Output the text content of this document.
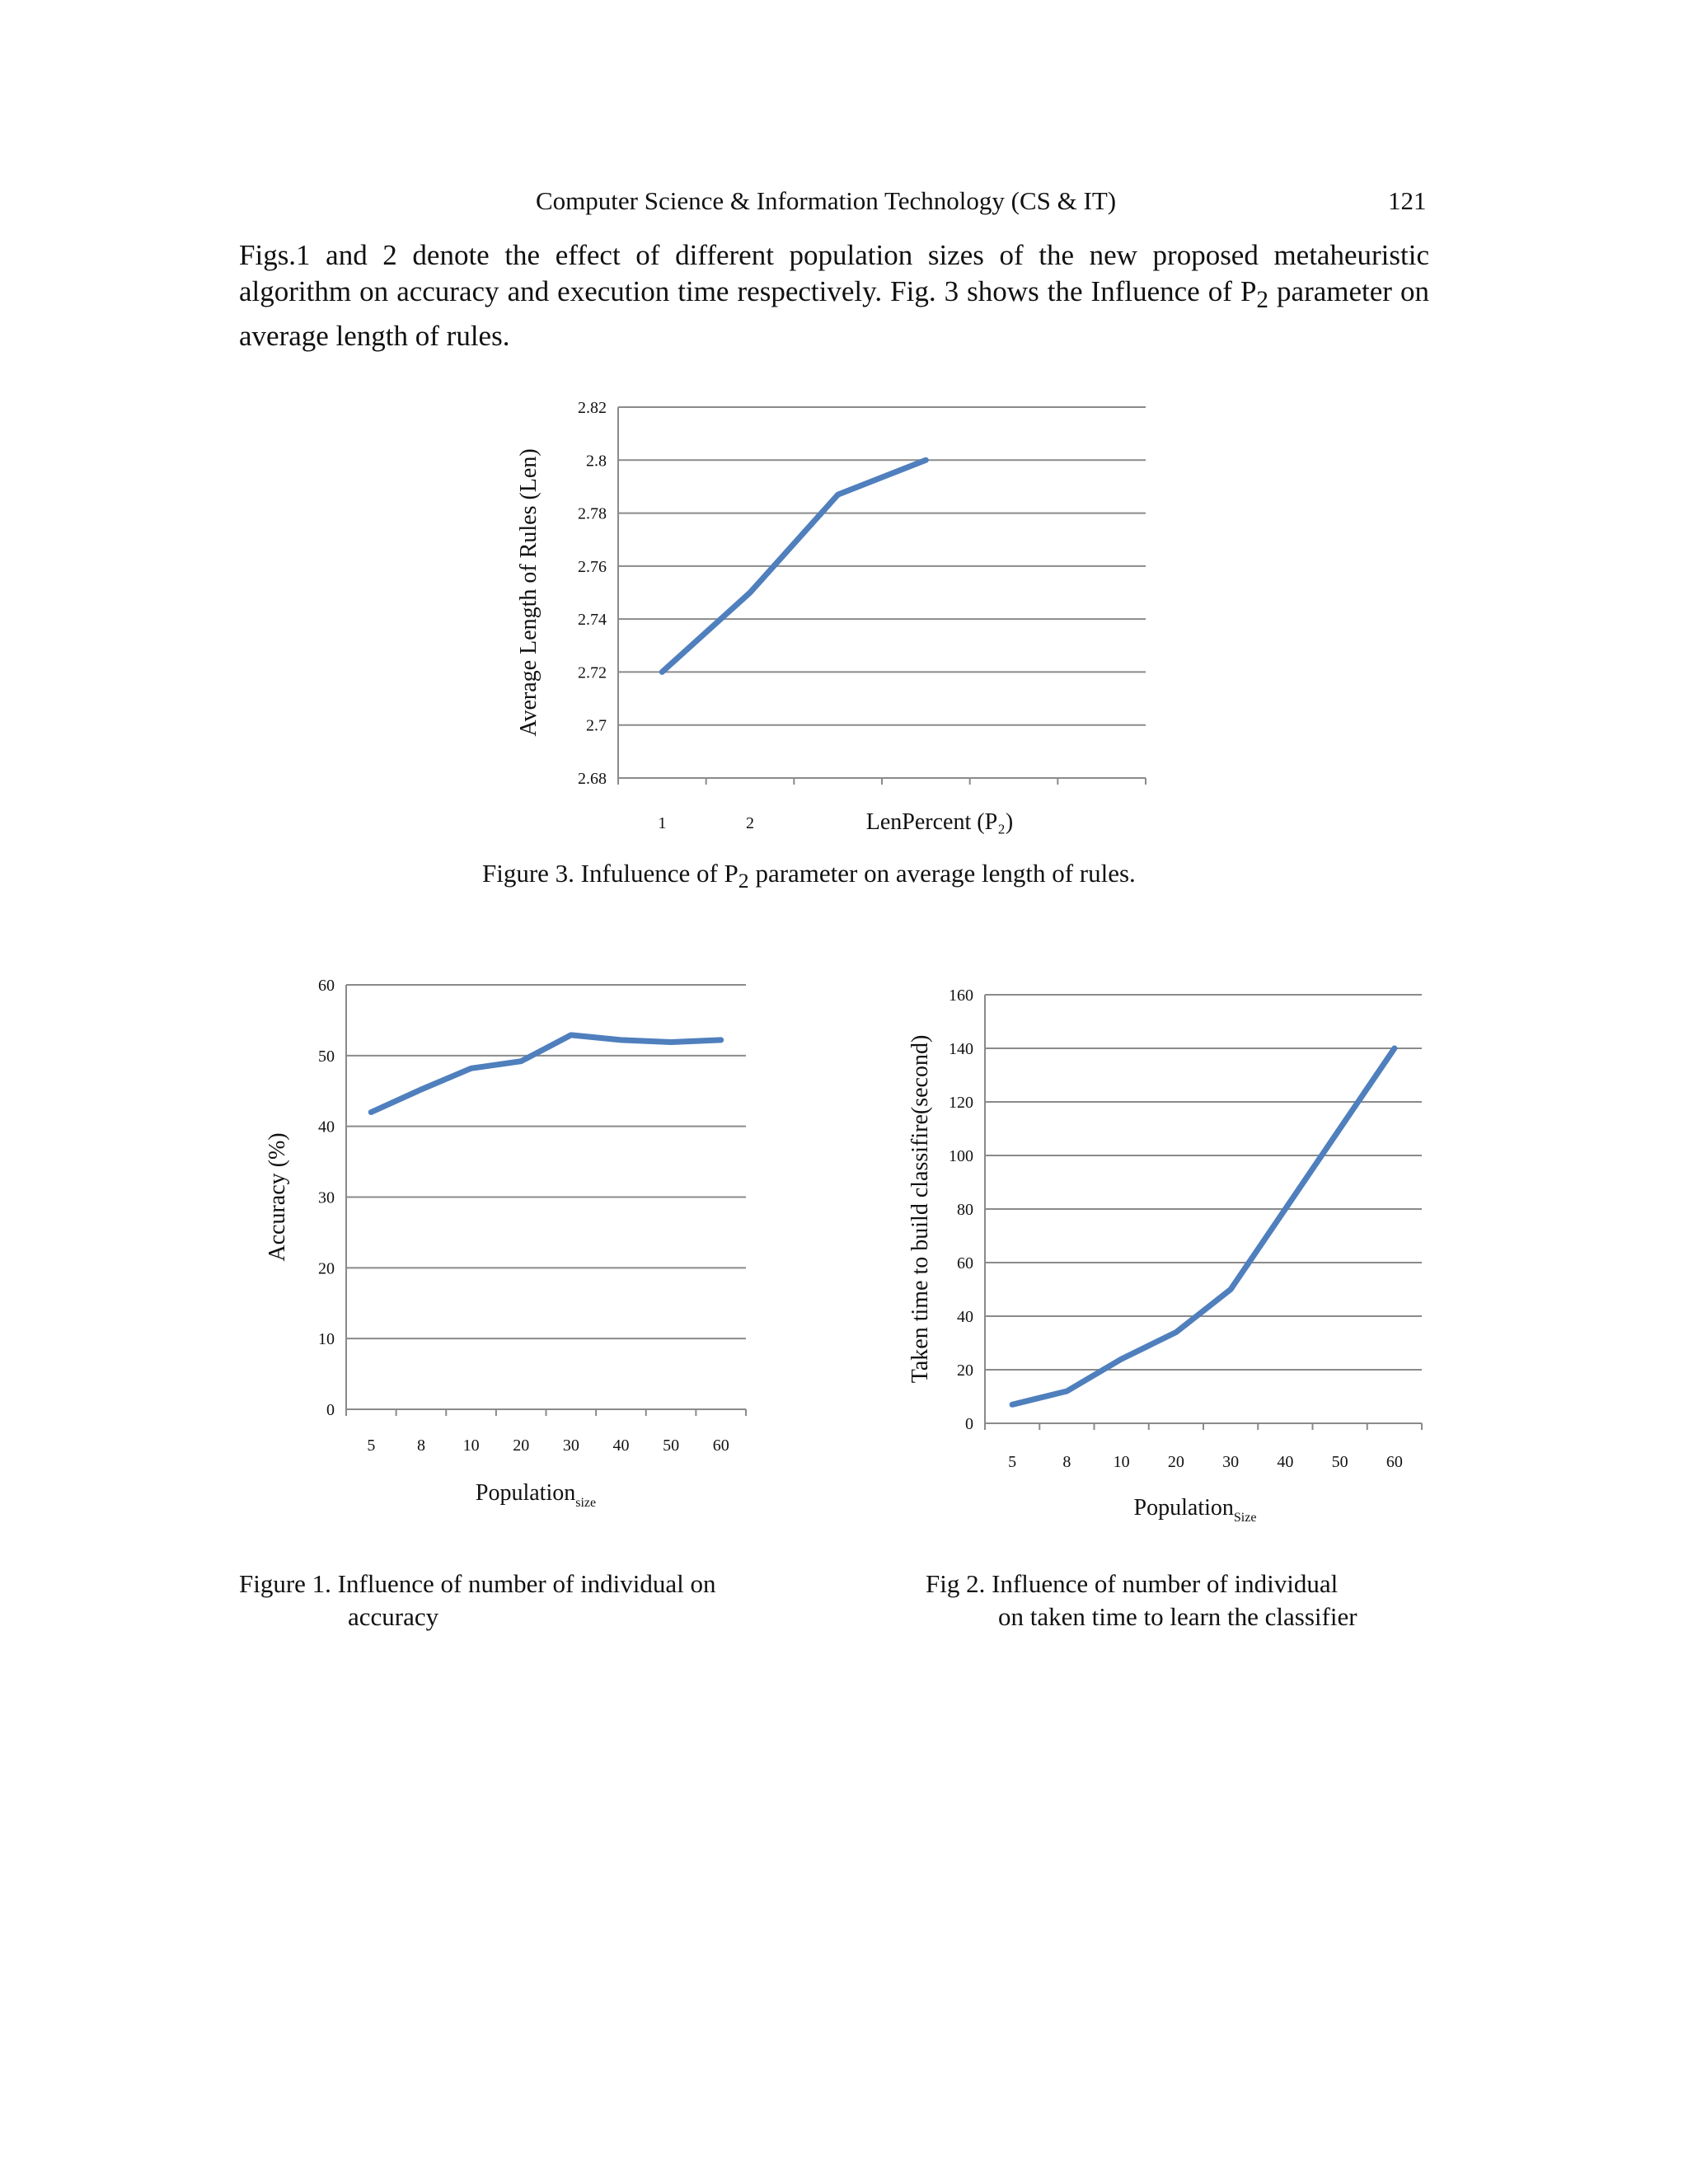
Computer Science & Information Technology (CS & IT)	121
Figs.1 and 2 denote the effect of different population sizes of the new proposed metaheuristic algorithm on accuracy and execution time respectively. Fig. 3 shows the Influence of $P_2$ parameter on average length of rules.
2.68
2.7
2.72
2.74
2.76
2.78
2.8
2.82
1	2
Average Length of Rules (Len)
LenPercent (P₂)
Figure 3. Infuluence of $P_2$ parameter on average length of rules.
0
10
20
30
40
50
60
5	8 10 20 30 40 50 60
Accuracy (%)
Population$_{size}$
Figure 1. Influence of number of individual on
accuracy
0
20
40
60
80
100
120
140
160
5	8	10 20 30 40 50 60
Taken time to build classifire(second)
Population$_{Size}$
Fig 2. Influence of number of individual
on taken time to learn the classifier
